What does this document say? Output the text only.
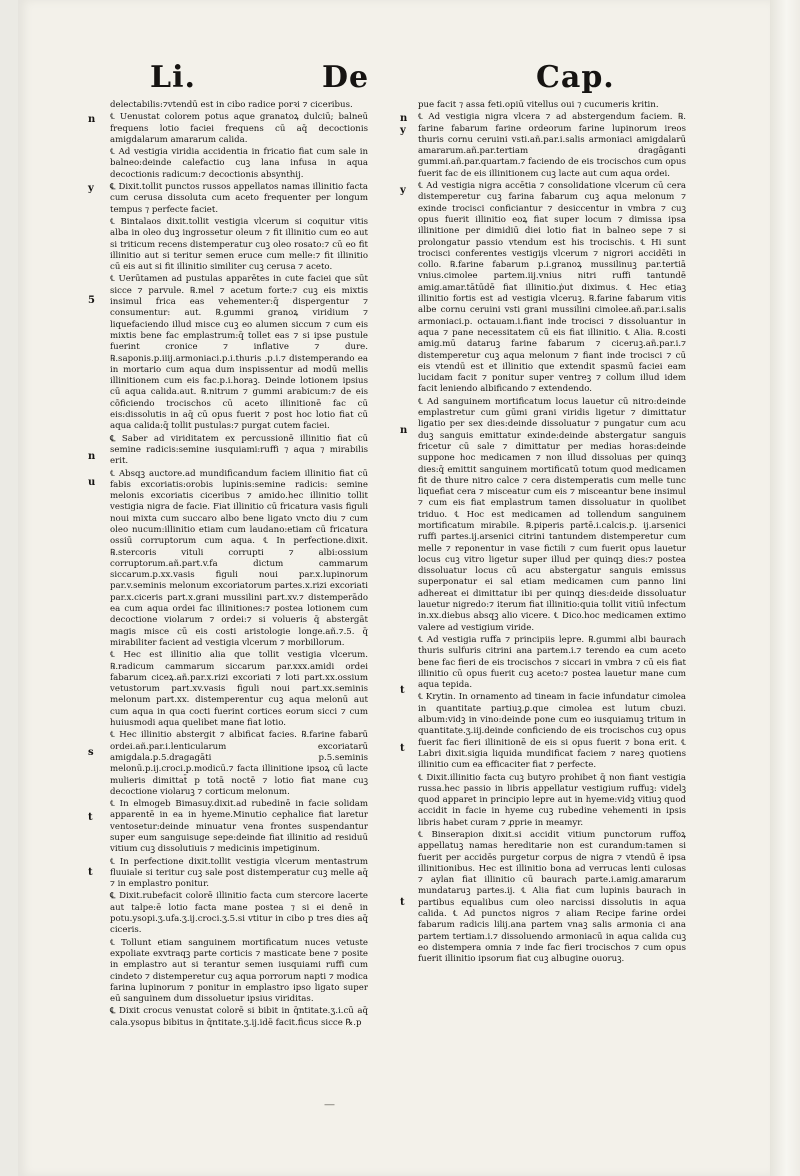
Li.	De	Cap.

delectabilis:⁊vtendū est in cibo radice porꝛi ⁊ ciceribus.

℄ Uenustat colorem potus aque granatoꝝ dulciū; balneū frequens lotio faciei frequens cū aq̄ decoctionis amigdalarum amararum calida.

℄ Ad vestigia viridia accidentia in fricatio fiat cum sale in balneo:deinde calefactio cuꝫ lana infusa in aqua decoctionis radicum:⁊ decoctionis absynthij.

℄ Dixit.tollit punctos russos appellatos namas illinitio facta cum cerusa dissoluta cum aceto frequenter per longum tempus ⁊ perfecte faciet.

℄ Bintalaos dixit.tollit vestigia vlcerum si coquitur vitis alba in oleo duꝫ ingrossetur oleum ⁊ fit illinitio cum eo aut si triticum recens distemperatur cuꝫ oleo rosato:⁊ cū eo fit illinitio aut si teritur semen eruce cum melle:⁊ fit illinitio cū eis aut si fit illinitio similiter cuꝫ cerusa ⁊ aceto.

℄ Uerūtamen ad pustulas apparētes in cute faciei que sūt sicce ⁊ parvule. ℞.mel ⁊ acetum forte:⁊ cuꝫ eis mixtis insimul frica eas vehementer:q̄ dispergentur ⁊ consumentur: aut. ℞.gummi granoꝝ viridium ⁊ liquefaciendo illud misce cuꝫ eo alumen siccum ⁊ cum eis mixtis bene fac emplastrum:q̄ tollet eas ⁊ si ipse pustule fuerint cronice ⁊ inflative ⁊ dure. ℞.saponis.p.iiij.armoniaci.p.i.thuris .p.i.⁊ distemperando ea in mortario cum aqua dum inspissentur ad modū mellis illinitionem cum eis fac.p.i.horaꝫ. Deinde lotionem ipsius cū aqua calida.aut. ℞.nitrum ⁊ gummi arabicum:⁊ de eis cōficiendo trocischos cū aceto illinitionē fac cū eis:dissolutis in aq̄ cū opus fuerit ⁊ post hoc lotio fiat cū aqua calida:q̄ tollit pustulas:⁊ purgat cutem faciei.

℄ Saber ad viriditatem ex percussionē illinitio fiat cū semine radicis:semine iusquiami:ruffi ⁊ aqua ⁊ mirabilis erit.

℄ Absqꝫ auctore.ad mundificandum faciem illinitio fiat cū fabis excoriatis:orobis lupinis:semine radicis: semine melonis excoriatis ciceribus ⁊ amido.hec illinitio tollit vestigia nigra de facie. Fiat illinitio cū fricatura vasis figuli noui mixta cum succaro albo bene ligato vncto diu ⁊ cum oleo nucum:illinitio etiam cum laudano:etiam cū fricatura ossiū corruptorum cum aqua. ℄ In perfectione.dixit. ℞.stercoris vituli corrupti ⁊ albi:ossium corruptorum.añ.part.v.fa dictum cammarum siccarum.p.xx.vasis figuli noui par.x.lupinorum par.v.seminis melonum excoriatorum partes.x.rizi excoriati par.x.ciceris part.x.grani mussilini part.xv.⁊ distemperādo ea cum aqua ordei fac illinitiones:⁊ postea lotionem cum decoctione violarum ⁊ ordei:⁊ si volueris q̄ abstergāt magis misce cū eis costi aristologie longe.añ.⁊.5. q̄ mirabiliter facient ad vestigia vlcerum ⁊ morbillorum.

℄ Hec est illinitio alia que tollit vestigia vlcerum. ℞.radicum cammarum siccarum par.xxx.amidi ordei fabarum ciceꝝ.añ.par.x.rizi excoriati ⁊ loti part.xx.ossium vetustorum part.xv.vasis figuli noui part.xx.seminis melonum part.xx. distemperentur cuꝫ aqua melonū aut cum aqua in qua cocti fuerint cortices eorum sicci ⁊ cum huiusmodi aqua quelibet mane fiat lotio.

℄ Hec illinitio abstergit ⁊ albificat facies. ℞.farine fabarū ordei.añ.par.i.lenticularum excoriatarū amigdala.p.5.dragagāti p.5.seminis melonū.p.ij.croci.p.modicū.⁊ facta illinitione ipsoꝝ cū lacte mulieris dimittat̄ p totā noctē ⁊ lotio fiat mane cuꝫ decoctione violaruꝫ ⁊ corticum melonum.

℄ In elmogeb Bimasuy.dixit.ad rubedinē in facie solidam apparentē in ea in hyeme.Minutio cephalice fiat laretur ventosetur:deinde minuatur vena frontes suspendantur super eum sanguisuge sepe:deinde fiat illinitio ad residuū vitium cuꝫ dissolutiuis ⁊ medicinis impetiginum.

℄ In perfectione dixit.tollit vestigia vlcerum mentastrum fluuiale si teritur cuꝫ sale post distemperatur cuꝫ melle aq̄ ⁊ in emplastro ponitur.

℄ Dixit.rubefacit colorē illinitio facta cum stercore lacerte aut talpe:ē lotio facta mane postea ⁊ si ei denē in potu.ysopi.ʒ.ufa.ʒ.ij.croci.ʒ.5.si vtitur in cibo p tres dies aq̄ ciceris.

℄ Tollunt etiam sanguinem mortificatum nuces vetuste expoliate exvtraqꝫ parte corticis ⁊ masticate bene ⁊ posite in emplastro aut si terantur semen iusquiami ruffi cum cindeto ⁊ distemperetur cuꝫ aqua porrorum napti ⁊ modica farina lupinorum ⁊ ponitur in emplastro ipso ligato super eū sanguinem dum dissoluetur ipsius viriditas.

℄ Dixit crocus venustat colorē si bibit in q̄ntitate.ʒ.i.cū aq̄ cala.ysopus bibitus in q̄ntitate.ʒ.ij.idē facit.ficus sicce ℞.p

pue facit ⁊ assa feti.opiū vitellus oui ⁊ cucumeris kritin.

℄ Ad vestigia nigra vlcera ⁊ ad abstergendum faciem. ℞. farine fabarum farine ordeorum farine lupinorum ireos thuris cornu ceruini vsti.añ.par.i.salis armoniaci amigdalarū amararum.añ.par.tertiam dragāganti gummi.añ.par.quartam.⁊ faciendo de eis trocischos cum opus fuerit fac de eis illinitionem cuꝫ lacte aut cum aqua ordei.

℄ Ad vestigia nigra accētia ⁊ consolidatione vlcerum cū cera distemperetur cuꝫ farina fabarum cuꝫ aqua melonum ⁊ exinde trocisci conficiantur ⁊ desiccentur in vmbra ⁊ cuꝫ opus fuerit illinitio eoꝝ fiat super locum ⁊ dimissa ipsa illinitione per dimidiū diei lotio fiat in balneo sepe ⁊ si prolongatur passio vtendum est his trocischis. ℄ Hi sunt trocisci conferentes vestigijs vlcerum ⁊ nigrori accidēti in collo. ℞.farine fabarum p.i.granoꝝ mussilinuꝫ par.tertiā vnius.cimolee partem.iij.vnius nitri ruffi tantundē amig.amar.tātūdē fiat illinitio.ṗut diximus. ℄ Hec etiaꝫ illinitio fortis est ad vestigia vlceruꝫ. ℞.farine fabarum vitis albe cornu ceruini vsti grani mussilini cimolee.añ.par.i.salis armoniaci.p. octauam.i.fiant inde trocisci ⁊ dissoluantur in aqua ⁊ pane necessitatem cū eis fiat illinitio. ℄ Alia. ℞.costi amig.mū dataruꝫ farine fabarum ⁊ ciceruꝫ.añ.par.i.⁊ distemperetur cuꝫ aqua melonum ⁊ fiant inde trocisci ⁊ cū eis vtendū est et illinitio que extendit spasmū faciei eam lucidam facit ⁊ ponitur super ventreꝫ ⁊ collum illud idem facit leniendo albificando ⁊ extendendo.

℄ Ad sanguinem mortificatum locus lauetur cū nitro:deinde emplastretur cum gūmi grani viridis ligetur ⁊ dimittatur ligatio per sex dies:deinde dissoluatur ⁊ pungatur cum acu duꝫ sanguis emittatur exinde:deinde abstergatur sanguis fricetur cū sale ⁊ dimittatur per medias horas:deinde suppone hoc medicamen ⁊ non illud dissoluas per quinqꝫ dies:q̄ emittit sanguinem mortificatū totum quod medicamen fit de thure nitro calce ⁊ cera distemperatis cum melle tunc liquefiat cera ⁊ misceatur cum eis ⁊ misceantur bene insimul ⁊ cum eis fiat emplastrum tamen dissoluatur in quolibet triduo. ℄ Hoc est medicamen ad tollendum sanguinem mortificatum mirabile. ℞.piperis partē.i.calcis.p. ij.arsenici ruffi partes.ij.arsenici citrini tantundem distemperetur cum melle ⁊ reponentur in vase fictili ⁊ cum fuerit opus lauetur locus cuꝫ vitro ligetur super illud per quinqꝫ dies:⁊ postea dissoluatur locus cū acu abstergatur sanguis emissus superponatur ei sal etiam medicamen cum panno lini adhereat ei dimittatur ibi per quinqꝫ dies:deide dissoluatur lauetur nigredo:⁊ iterum fiat illinitio:quia tollit vitiū infectum in.xx.diebus absqꝫ alio vicere. ℄ Dico.hoc medicamen extimo valere ad vestigium viride.

℄ Ad vestigia ruffa ⁊ principiis lepre. ℞.gummi albi baurach thuris sulfuris citrini ana partem.i.⁊ terendo ea cum aceto bene fac fieri de eis trocischos ⁊ siccari in vmbra ⁊ cū eis fiat illinitio cū opus fuerit cuꝫ aceto:⁊ postea lauetur mane cum aqua tepida.

℄ Krytin. In ornamento ad tineam in facie infundatur cimolea in quantitate partiuꝫ.ꝑ.que cimolea est lutum cbuzi. album:vidꝫ in vino:deinde pone cum eo iusquiamuꝫ tritum in quantitate.ʒ.iij.deinde conficiendo de eis trocischos cuꝫ opus fuerit fac fieri illinitionē de eis si opus fuerit ⁊ bona erit. ℄ Labri dixit.sigia liquida mundificat faciem ⁊ nareꝫ quotiens illinitio cum ea efficaciter fiat ⁊ perfecte.

℄ Dixit.illinitio facta cuꝫ butyro prohibet q̄ non fiant vestigia russa.hec passio in libris appellatur vestigium ruffuꝫ: videlꝫ quod apparet in principio lepre aut in hyeme:vidꝫ vitiuꝫ quod accidit in facie in hyeme cuꝫ rubedine vehementi in ipsis libris habet curam ⁊ ꝓprie in meamyr.

℄ Binserapion dixit.si accidit vitium punctorum ruffoꝝ appellatuꝫ namas hereditarie non est curandum:tamen si fuerit per accidēs purgetur corpus de nigra ⁊ vtendū ē ipsa illinitionibus. Hec est illinitio bona ad verrucas lenti culosas ⁊ aylan fiat illinitio cū baurach parte.i.amig.amararum mundataruꝫ partes.ij. ℄ Alia fiat cum lupinis baurach in partibus equalibus cum oleo narcissi dissolutis in aqua calida. ℄ Ad punctos nigros ⁊ aliam Recipe farine ordei fabarum radicis lilij.ana partem vnaꝫ salis armonia ci ana partem tertiam.i.⁊ dissoluendo armoniacū in aqua calida cuꝫ eo distempera omnia ⁊ inde fac fieri trocischos ⁊ cum opus fuerit illinitio ipsorum fiat cuꝫ albugine ouoruꝫ.

n
y
5
n
u
s
t
t
n
y
y
n
t
t
t
—
